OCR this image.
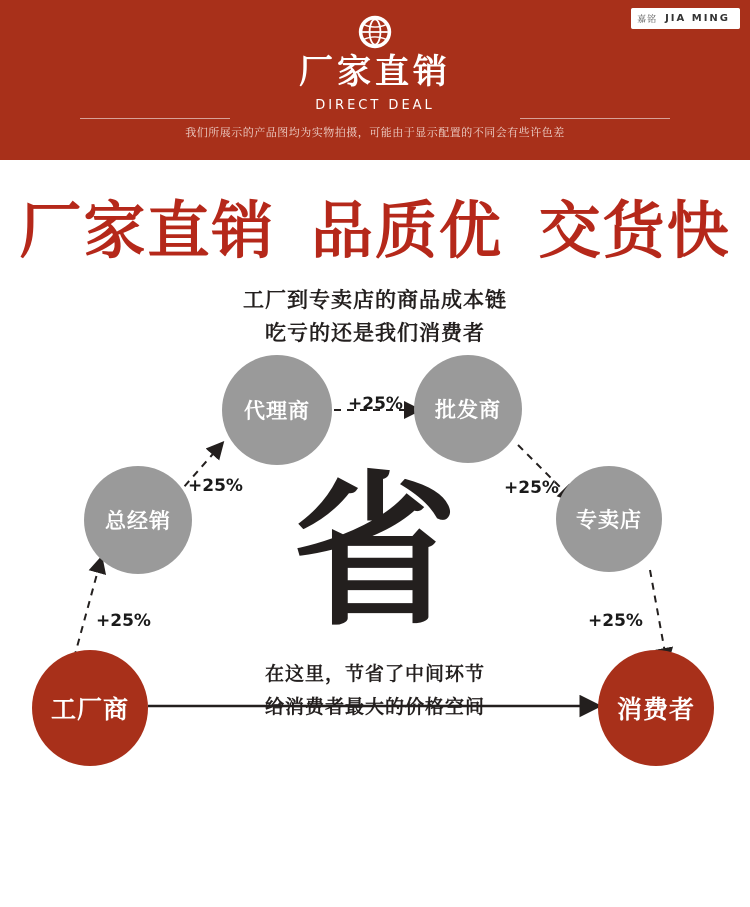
嘉铭 JIA MING
厂家直销
DIRECT DEAL
我们所展示的产品图均为实物拍摄，可能由于显示配置的不同会有些许色差
厂家直销 品质优 交货快
工厂到专卖店的商品成本链
吃亏的还是我们消费者
代理商	批发商
总经销	专卖店
工厂商	消费者
+25%
+25%
+25%
+25%
+25%
省
在这里，节省了中间环节
给消费者最大的价格空间
